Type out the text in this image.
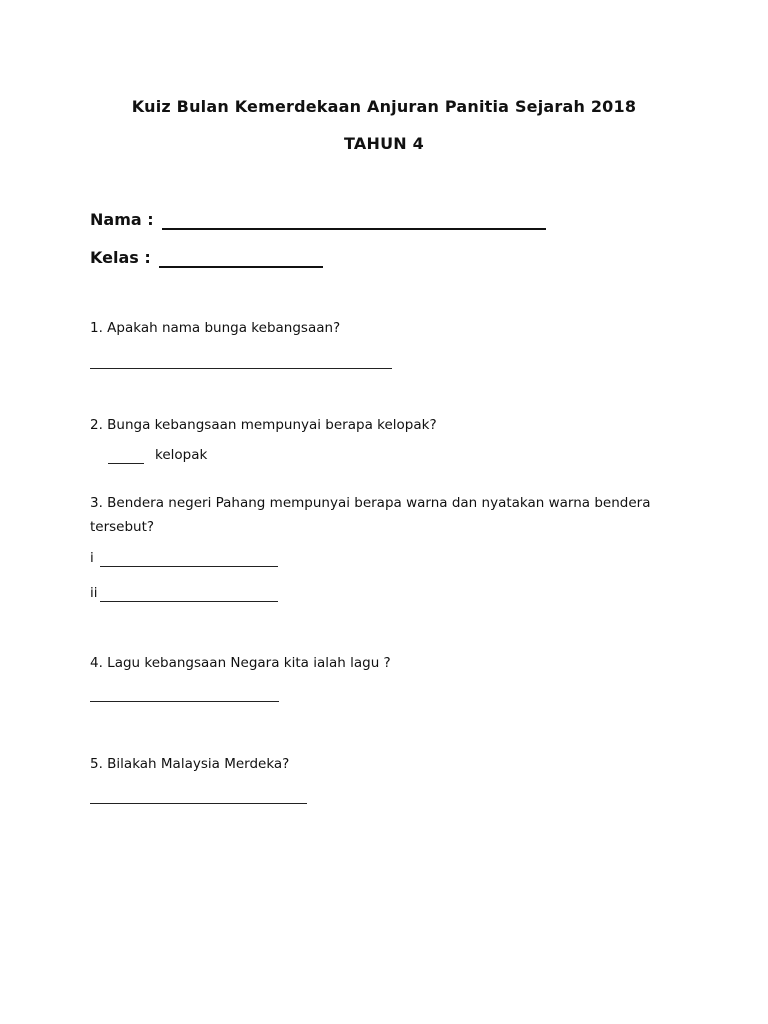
Kuiz Bulan Kemerdekaan Anjuran Panitia Sejarah 2018
TAHUN 4
Nama :
Kelas :
1. Apakah nama bunga kebangsaan?
2. Bunga kebangsaan mempunyai berapa kelopak?
kelopak
3. Bendera negeri Pahang mempunyai berapa warna dan nyatakan warna bendera tersebut?
i
ii
4. Lagu kebangsaan Negara kita ialah lagu ?
5. Bilakah Malaysia Merdeka?
